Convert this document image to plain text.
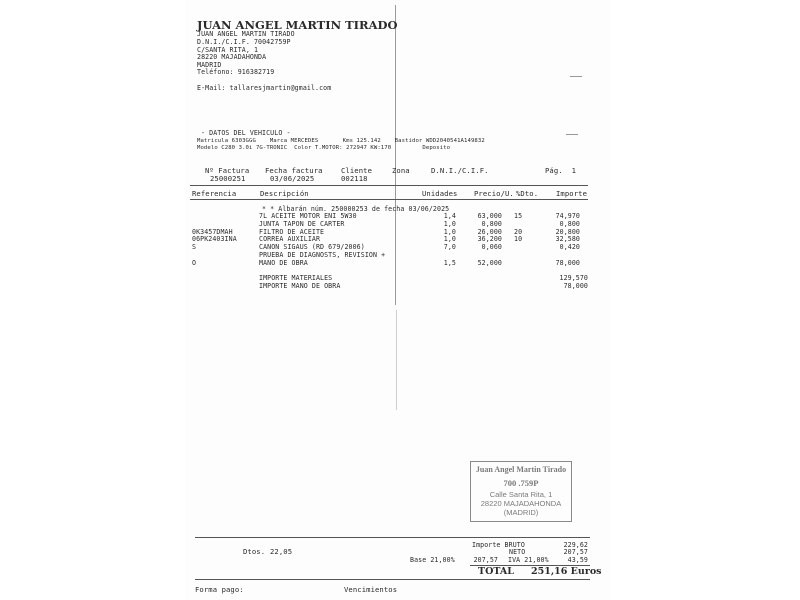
JUAN ANGEL MARTIN TIRADO
JUAN ANGEL MARTIN TIRADO
D.N.I./C.I.F. 70042759P
C/SANTA RITA, 1
28220 MAJADAHONDA
MADRID
Teléfono: 916382719
E-Mail: tallaresjmartin@gmail.com
- DATOS DEL VEHICULO -
Matricula 6303GGG    Marca MERCEDES       Kms 125.142    Bastidor WDD2040541A149832
Modelo C280 3.0i 7G-TRONIC  Color T.MOTOR: 272947 KW:170         Deposito
Nº Factura Fecha factura	Cliente	Zona	D.N.I./C.I.F.	Pág.  1
25000251	03/06/2025	002118
Referencia	Descripción	Unidades Precio/U. %Dto. Importe
* * Albarán núm. 250000253 de fecha 03/06/2025
7L ACEITE MOTOR ENI 5W30	1,4	63,000 15	74,970
JUNTA TAPON DE CARTER	1,0	0,800	0,800
0K3457DMAH	FILTRO DE ACEITE	1,0	26,000 20	20,800
06PK2403INA	CORREA AUXILIAR	1,0	36,200 10	32,580
S	CANON SIGAUS (RD 679/2006)	7,0	0,060	0,420
PRUEBA DE DIAGNOSTS, REVISION +
O	MANO DE OBRA	1,5	52,000	78,000
IMPORTE MATERIALES	129,570
IMPORTE MANO DE OBRA	78,000
Juan Angel Martin Tirado
700 .759P
Calle Santa Rita, 1
28220 MAJADAHONDA
(MADRID)
Dtos. 22,05
Importe BRUTO	229,62
NETO	207,57
Base 21,00%	207,57 IVA 21,00%	43,59
TOTAL 251,16 Euros
Forma pago:	Vencimientos
